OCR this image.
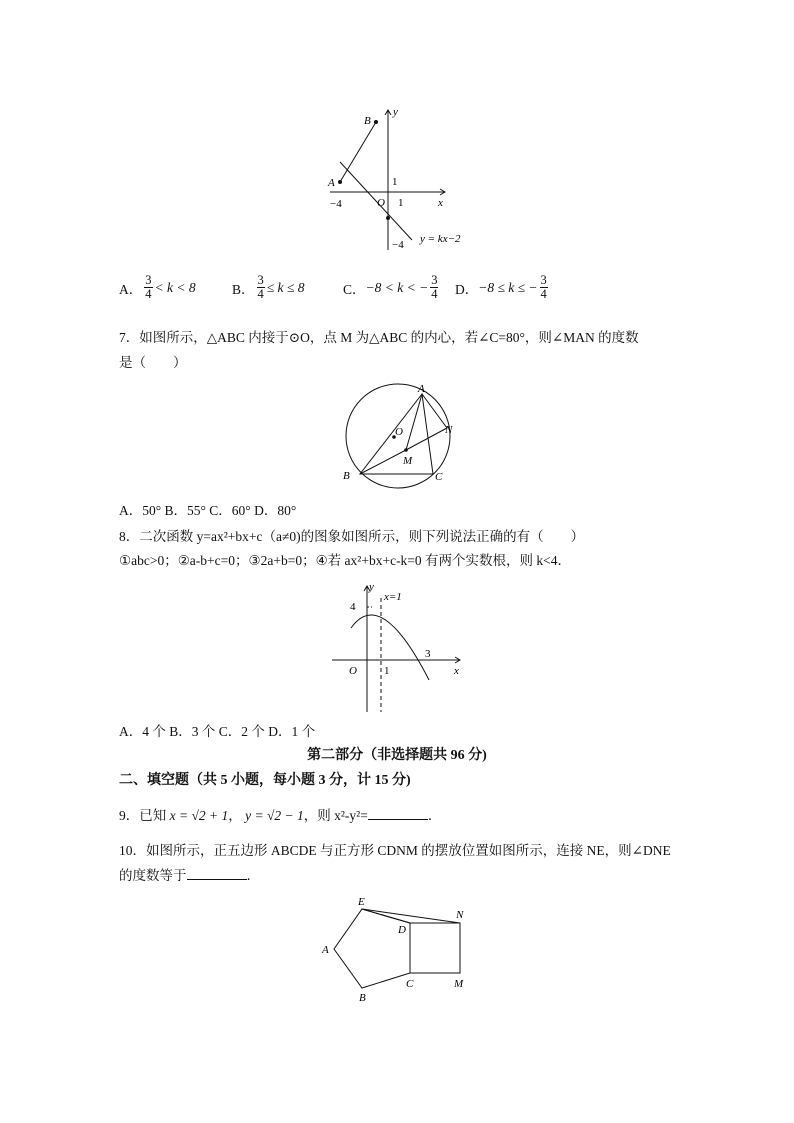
B
y
A	1
−4	O 1	x
−4 y = kx−2
A． $\frac{3}{4} < k < 8$	B． $\frac{3}{4} \le k \le 8$	C． −8 < k < − $\frac{3}{4}$ D． −8 ≤ k ≤ − $\frac{3}{4}$
7．如图所示，△ABC 内接于⊙O，点 M 为△ABC 的内心，若∠C=80°，则∠MAN 的度数
是（　　）
A
N
O
M
B	C
A．50° B．55° C．60° D．80°
8．二次函数 y=ax²+bx+c（a≠0)的图象如图所示，则下列说法正确的有（　　）
①abc>0；②a-b+c=0；③2a+b=0；④若 ax²+bx+c-k=0 有两个实数根，则 k<4．
y
x=1
4
O 1
3
x
A．4 个 B．3 个 C．2 个 D．1 个
第二部分（非选择题共 96 分)
二、填空题（共 5 小题，每小题 3 分，计 15 分)
9．已知 x = √2 + 1， y = √2 − 1，则 x²-y²=	．
10．如图所示，正五边形 ABCDE 与正方形 CDNM 的摆放位置如图所示，连接 NE，则∠DNE
的度数等于	．
E
N
D
A
C	M
B
